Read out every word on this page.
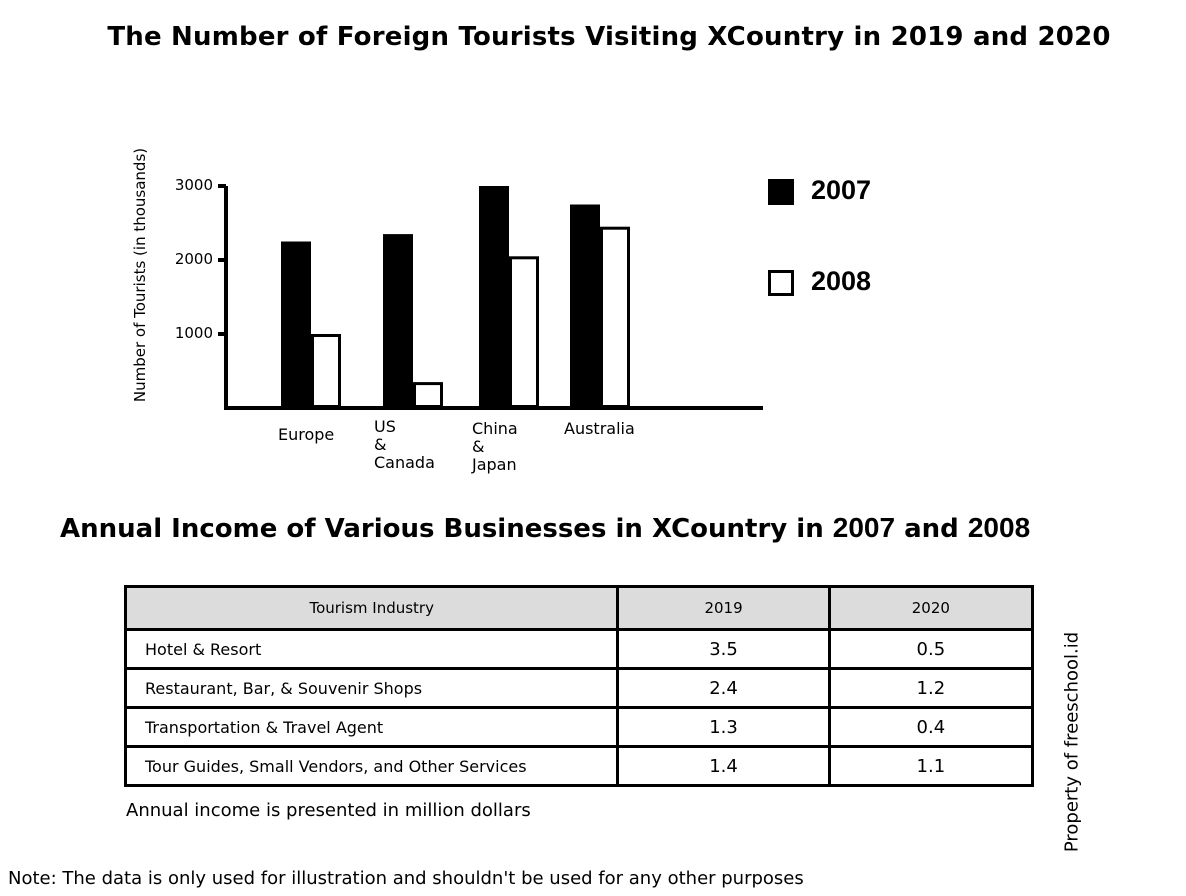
The Number of Foreign Tourists Visiting XCountry in 2019 and 2020
Number of Tourists (in thousands)	1000
2000
3000
Europe US
&
Canada
China
&
Japan
Australia
2007
2008
Annual Income of Various Businesses in XCountry in 2007 and 2008
Tourism Industry	2019	2020
Hotel & Resort	3.5	0.5
Restaurant, Bar, & Souvenir Shops	2.4	1.2
Transportation & Travel Agent	1.3	0.4
Tour Guides, Small Vendors, and Other Services	1.4	1.1
Annual income is presented in million dollars	Property of freeschool.id
Note: The data is only used for illustration and shouldn't be used for any other purposes
